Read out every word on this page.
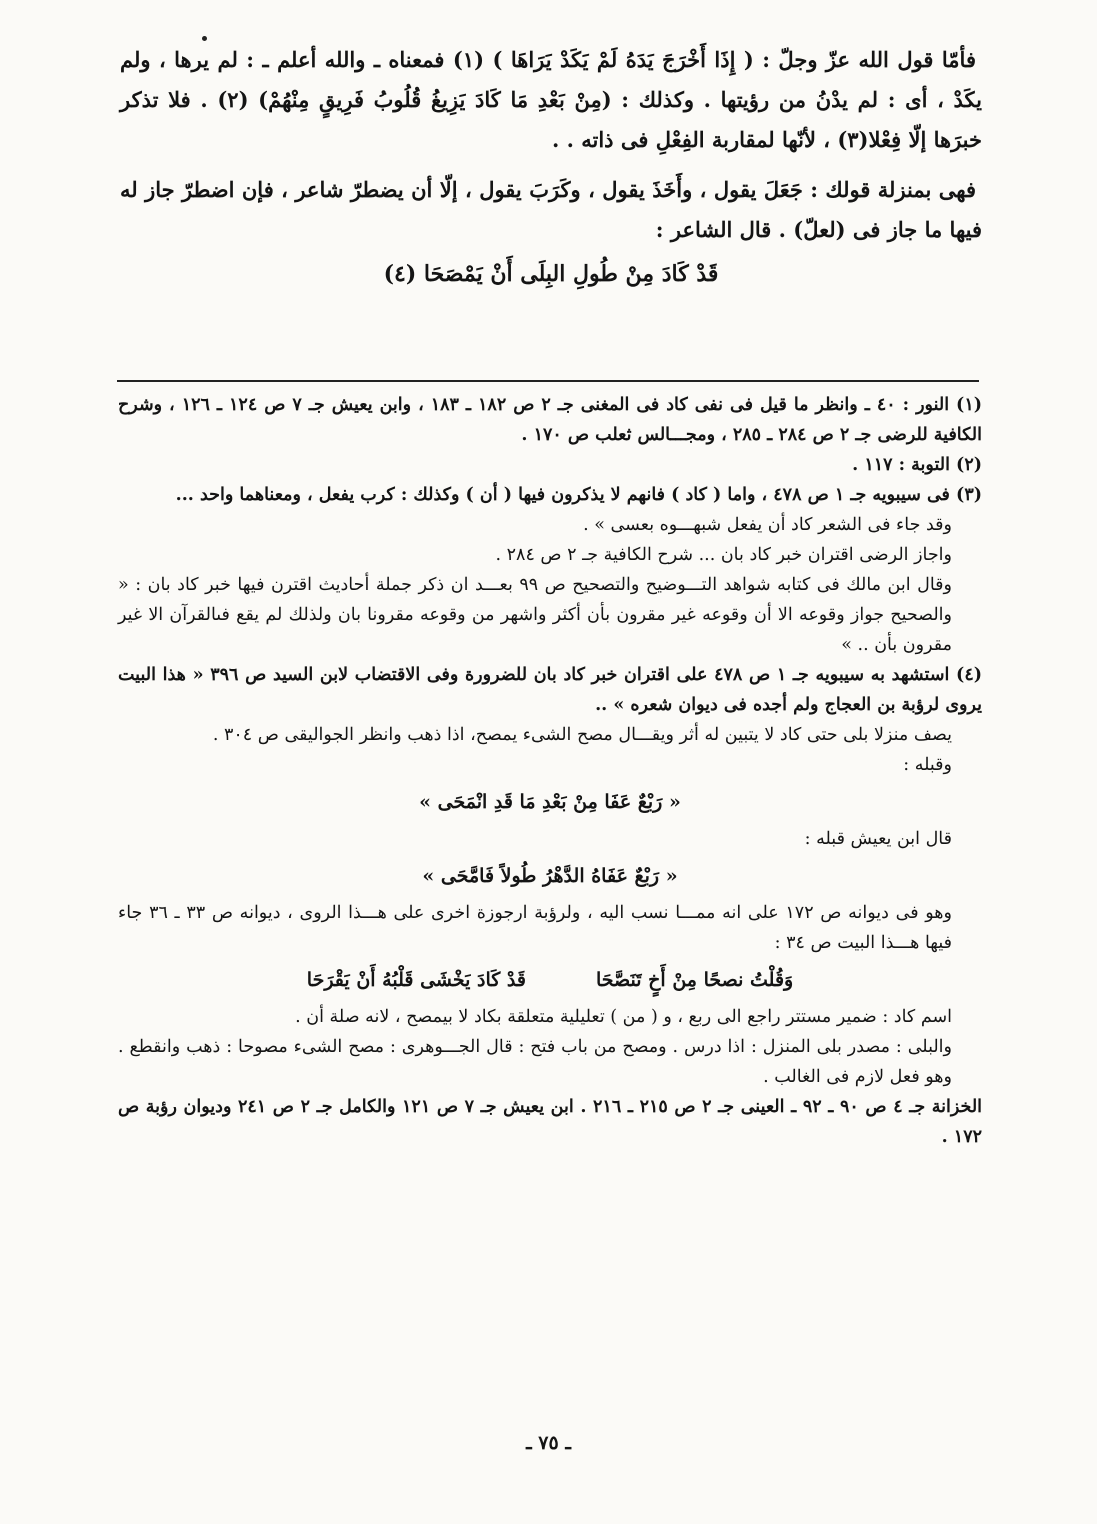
فأمّا قول الله عزّ وجلّ : ( إِذَا أَخْرَجَ يَدَهُ لَمْ يَكَدْ يَرَاهَا ) (١) فمعناه ـ والله أعلم ـ : لم يرها ، ولم يكَدْ ، أى : لم يدْنُ من رؤيتها . وكذلك : (مِنْ بَعْدِ مَا كَادَ يَزِيغُ قُلُوبُ فَرِيقٍ مِنْهُمْ) (٢) . فلا تذكر خبرَها إلّا فِعْلا(٣) ، لأنّها لمقاربة الفِعْلِ فى ذاته . .

فهى بمنزلة قولك : جَعَلَ يقول ، وأَخَذَ يقول ، وكَرَبَ يقول ، إلّا أن يضطرّ شاعر ، فإن اضطرّ جاز له فيها ما جاز فى (لعلّ) . قال الشاعر :

قَدْ كَادَ مِنْ طُولِ البِلَى أَنْ يَمْصَحَا (٤)

(١) النور : ٤٠ ـ وانظر ما قيل فى نفى كاد فى المغنى جـ ٢ ص ١٨٢ ـ ١٨٣ ، وابن يعيش جـ ٧ ص ١٢٤ ـ ١٢٦ ، وشرح الكافية للرضى جـ ٢ ص ٢٨٤ ـ ٢٨٥ ، ومجـــالس ثعلب ص ١٧٠ .

(٢) التوبة : ١١٧ .

(٣) فى سيبويه جـ ١ ص ٤٧٨ ، واما ( كاد ) فانهم لا يذكرون فيها ( أن ) وكذلك : كرب يفعل ، ومعناهما واحد ...

وقد جاء فى الشعر كاد أن يفعل شبهـــوه بعسى » .

واجاز الرضى اقتران خبر كاد بان ... شرح الكافية جـ ٢ ص ٢٨٤ .

وقال ابن مالك فى كتابه شواهد التـــوضيح والتصحيح ص ٩٩ بعـــد ان ذكر جملة أحاديث اقترن فيها خبر كاد بان : « والصحيح جواز وقوعه الا أن وقوعه غير مقرون بأن أكثر واشهر من وقوعه مقرونا بان ولذلك لم يقع فىالقرآن الا غير مقرون بأن .. »

(٤) استشهد به سيبويه جـ ١ ص ٤٧٨ على اقتران خبر كاد بان للضرورة وفى الاقتضاب لابن السيد ص ٣٩٦ « هذا البيت يروى لرؤبة بن العجاج ولم أجده فى ديوان شعره » ..

يصف منزلا بلى حتى كاد لا يتبين له أثر ويقـــال مصح الشىء يمصح، اذا ذهب وانظر الجواليقى ص ٣٠٤ .

وقبله :

« رَبْعٌ عَفَا مِنْ بَعْدِ مَا قَدِ انْمَحَى »

قال ابن يعيش قبله :

« رَبْعٌ عَفَاهُ الدَّهْرُ طُولاً فَامَّحَى »

وهو فى ديوانه ص ١٧٢ على انه ممـــا نسب اليه ، ولرؤبة ارجوزة اخرى على هـــذا الروى ، ديوانه ص ٣٣ ـ ٣٦ جاء فيها هـــذا البيت ص ٣٤ :

وَقُلْتُ نصحًا مِنْ أَخٍ تَنَصَّحَا
قَدْ كَادَ يَخْشَى قَلْبُهُ أَنْ يَقْرَحَا

اسم كاد : ضمير مستتر راجع الى ربع ، و ( من ) تعليلية متعلقة بكاد لا بيمصح ، لانه صلة أن .

والبلى : مصدر بلى المنزل : اذا درس . ومصح من باب فتح : قال الجـــوهرى : مصح الشىء مصوحا : ذهب وانقطع . وهو فعل لازم فى الغالب .

الخزانة جـ ٤ ص ٩٠ ـ ٩٢ ـ العينى جـ ٢ ص ٢١٥ ـ ٢١٦ . ابن يعيش جـ ٧ ص ١٢١ والكامل جـ ٢ ص ٢٤١ وديوان رؤبة ص ١٧٢ .

ـ ٧٥ ـ
